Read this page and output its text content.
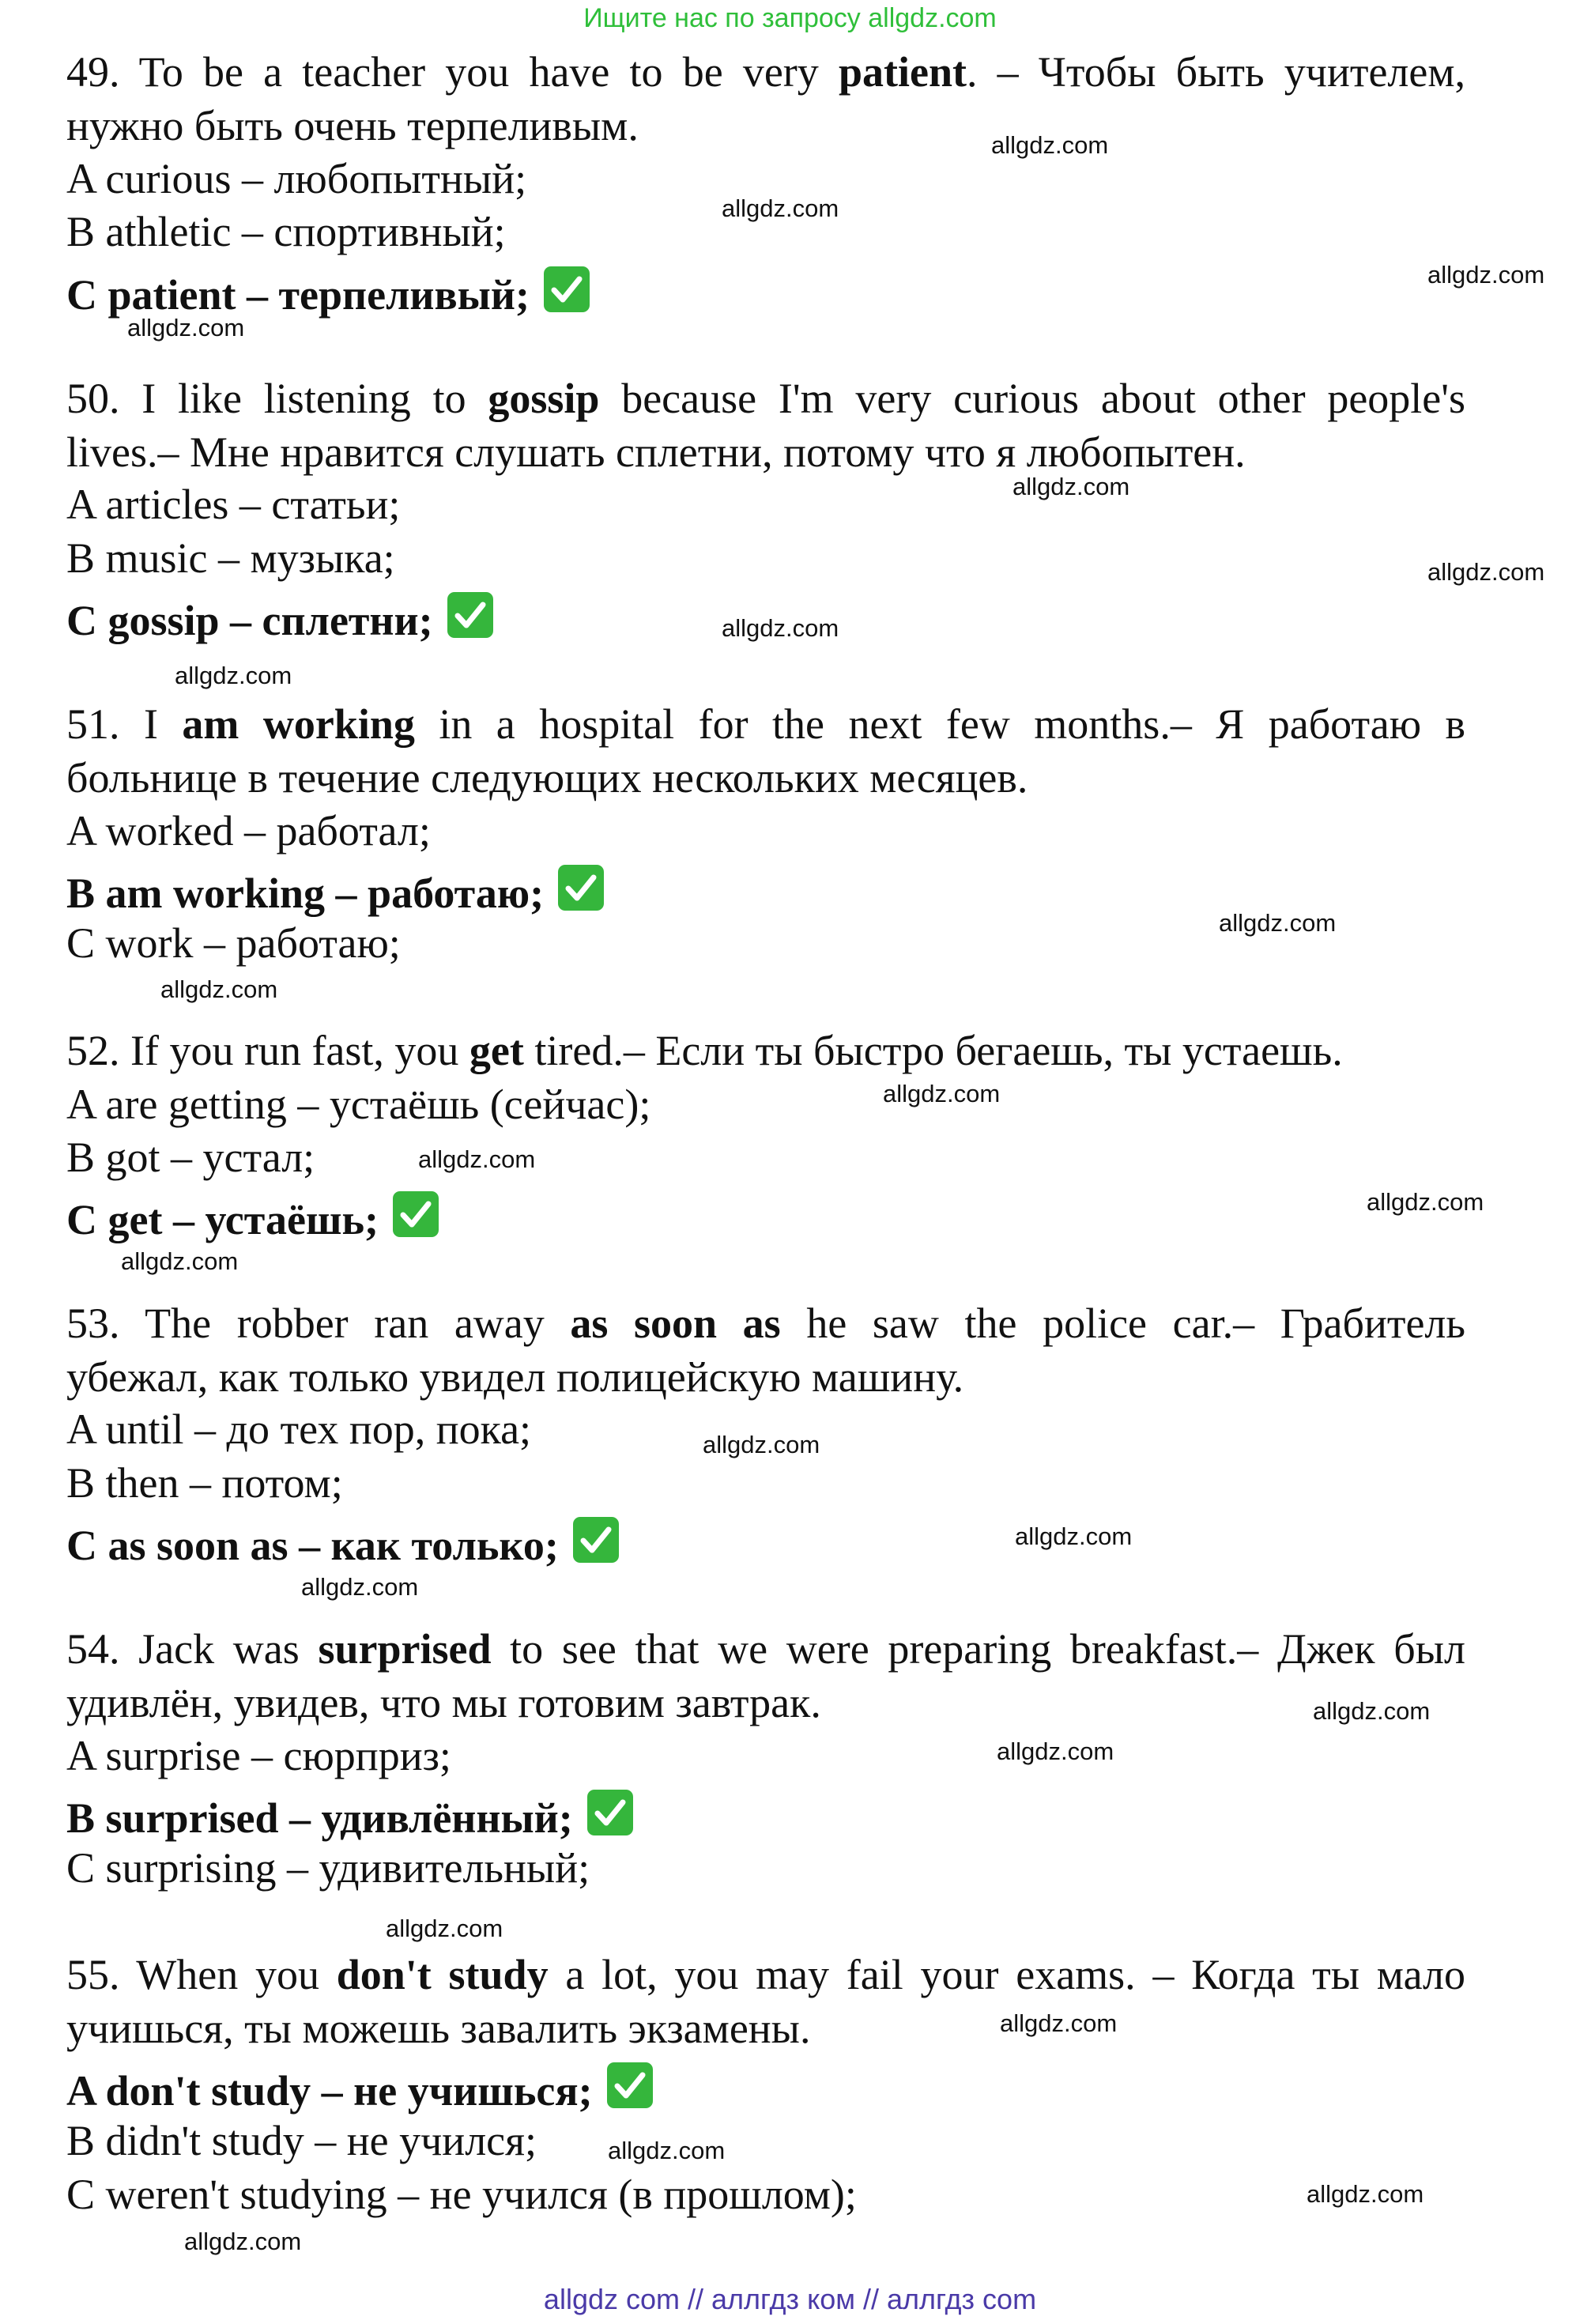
Ищите нас по запросу allgdz.com
49. To be a teacher you have to be very patient. – Чтобы быть учителем,
нужно быть очень терпеливым.
A curious – любопытный;
B athletic – спортивный;
C patient – терпеливый;
50. I like listening to gossip because I'm very curious about other people's
lives.– Мне нравится слушать сплетни, потому что я любопытен.
A articles – статьи;
B music – музыка;
C gossip – сплетни;
51. I am working in a hospital for the next few months.– Я работаю в
больнице в течение следующих нескольких месяцев.
A worked – работал;
B am working – работаю;
C work – работаю;
52. If you run fast, you get tired.– Если ты быстро бегаешь, ты устаешь.
A are getting – устаёшь (сейчас);
B got – устал;
C get – устаёшь;
53. The robber ran away as soon as he saw the police car.– Грабитель
убежал, как только увидел полицейскую машину.
A until – до тех пор, пока;
B then – потом;
C as soon as – как только;
54. Jack was surprised to see that we were preparing breakfast.– Джек был
удивлён, увидев, что мы готовим завтрак.
A surprise – сюрприз;
B surprised – удивлённый;
C surprising – удивительный;
55. When you don't study a lot, you may fail your exams. – Когда ты мало
учишься, ты можешь завалить экзамены.
A don't study – не учишься;
B didn't study – не учился;
C weren't studying – не учился (в прошлом);
allgdz.com
allgdz.com
allgdz.com
allgdz.com
allgdz.com
allgdz.com
allgdz.com
allgdz.com
allgdz.com
allgdz.com
allgdz.com
allgdz.com
allgdz.com
allgdz.com
allgdz.com
allgdz.com
allgdz.com
allgdz.com
allgdz.com
allgdz.com
allgdz.com
allgdz.com
allgdz.com
allgdz.com
allgdz com // аллгдз ком // аллгдз com
